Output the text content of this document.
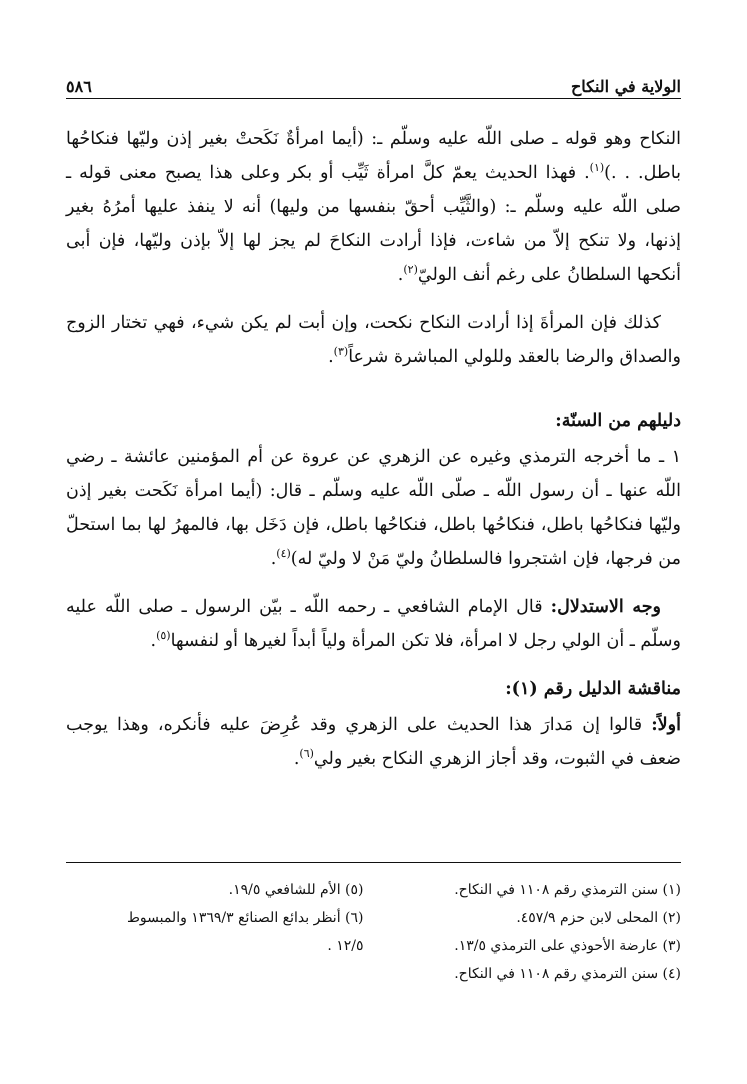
الولاية في النكاح
٥٨٦

النكاح وهو قوله ـ صلى اللّه عليه وسلّم ـ: (أيما امرأةٌ نَكَحتْ بغير إذن وليّها فنكاحُها باطل. . .)$^{(١)}$. فهذا الحديث يعمّ كلَّ امرأة ثَيِّب أو بكر وعلى هذا يصبح معنى قوله ـ صلى اللّه عليه وسلّم ـ: (والثَّيِّب أحقّ بنفسها من وليها) أنه لا ينفذ عليها أمرُهُ بغير إذنها، ولا تنكح إلاّ من شاءت، فإذا أرادت النكاحَ لم يجز لها إلاّ بإذن وليّها، فإن أبى أنكحها السلطانُ على رغم أنف الوليّ$^{(٢)}$.

كذلك فإن المرأةَ إذا أرادت النكاح نكحت، وإن أبت لم يكن شيء، فهي تختار الزوج والصداق والرضا بالعقد وللولي المباشرة شرعاً$^{(٣)}$.

دليلهم من السنّة:

١ ـ ما أخرجه الترمذي وغيره عن الزهري عن عروة عن أم المؤمنين عائشة ـ رضي اللّه عنها ـ أن رسول اللّه ـ صلّى اللّه عليه وسلّم ـ قال: (أيما امرأة نَكَحت بغير إذن وليّها فنكاحُها باطل، فنكاحُها باطل، فنكاحُها باطل، فإن دَخَل بها، فالمهرُ لها بما استحلّ من فرجها، فإن اشتجروا فالسلطانُ وليّ مَنْ لا وليّ له)$^{(٤)}$.

وجه الاستدلال: قال الإمام الشافعي ـ رحمه اللّه ـ بيّن الرسول ـ صلى اللّه عليه وسلّم ـ أن الولي رجل لا امرأة، فلا تكن المرأة ولياً أبداً لغيرها أو لنفسها$^{(٥)}$.

مناقشة الدليل رقم (١):

أولاً: قالوا إن مَدارَ هذا الحديث على الزهري وقد عُرِضَ عليه فأنكره، وهذا يوجب ضعف في الثبوت، وقد أجاز الزهري النكاح بغير ولي$^{(٦)}$.

(١) سنن الترمذي رقم ١١٠٨ في النكاح.
(٢) المحلى لابن حزم ٤٥٧/٩.
(٣) عارضة الأحوذي على الترمذي ١٣/٥.
(٤) سنن الترمذي رقم ١١٠٨ في النكاح.
(٥) الأم للشافعي ١٩/٥.
(٦) أنظر بدائع الصنائع ١٣٦٩/٣ والمبسوط
١٢/٥ .
